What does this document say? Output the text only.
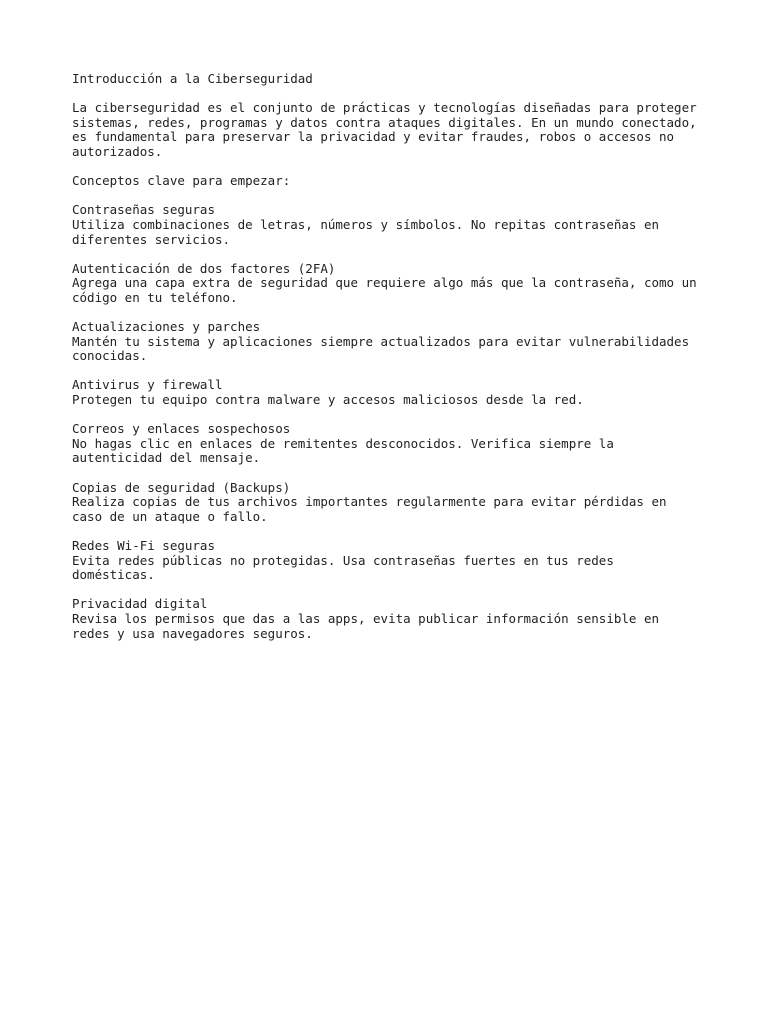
Introducción a la Ciberseguridad
La ciberseguridad es el conjunto de prácticas y tecnologías diseñadas para proteger
sistemas, redes, programas y datos contra ataques digitales. En un mundo conectado,
es fundamental para preservar la privacidad y evitar fraudes, robos o accesos no
autorizados.
Conceptos clave para empezar:
Contraseñas seguras
Utiliza combinaciones de letras, números y símbolos. No repitas contraseñas en
diferentes servicios.
Autenticación de dos factores (2FA)
Agrega una capa extra de seguridad que requiere algo más que la contraseña, como un
código en tu teléfono.
Actualizaciones y parches
Mantén tu sistema y aplicaciones siempre actualizados para evitar vulnerabilidades
conocidas.
Antivirus y firewall
Protegen tu equipo contra malware y accesos maliciosos desde la red.
Correos y enlaces sospechosos
No hagas clic en enlaces de remitentes desconocidos. Verifica siempre la
autenticidad del mensaje.
Copias de seguridad (Backups)
Realiza copias de tus archivos importantes regularmente para evitar pérdidas en
caso de un ataque o fallo.
Redes Wi-Fi seguras
Evita redes públicas no protegidas. Usa contraseñas fuertes en tus redes
domésticas.
Privacidad digital
Revisa los permisos que das a las apps, evita publicar información sensible en
redes y usa navegadores seguros.
